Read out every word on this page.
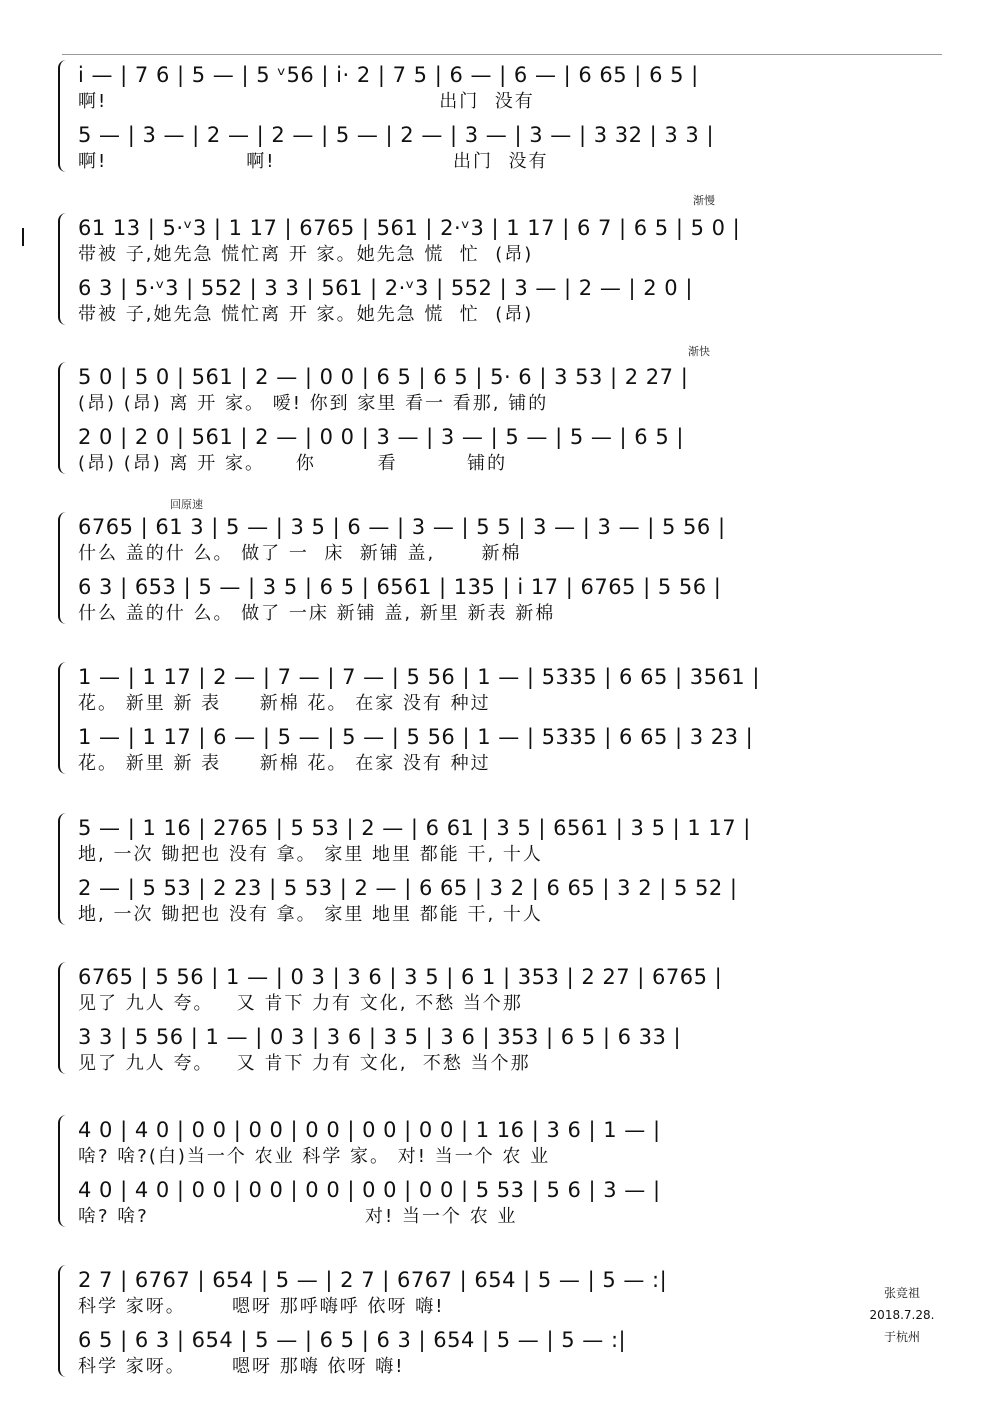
渐慢
渐快
回原速
i̇ — | 7 6 | 5 — | 5 ᵛ56 | i̇· 2 | 7 5 | 6 — | 6 — | 6 65 | 6 5 |
啊!                                           出门  没有
5 — | 3 — | 2 — | 2 — | 5 — | 2 — | 3 — | 3 — | 3 32 | 3 3 |
啊!                  啊!                       出门  没有
61 13 | 5·ᵛ3 | 1 17 | 6765 | 561 | 2·ᵛ3 | 1 17 | 6 7 | 6 5 | 5 0 |
带被 子,她先急 慌忙离 开 家。她先急 慌  忙  (昂)
6 3 | 5·ᵛ3 | 552 | 3 3 | 561 | 2·ᵛ3 | 552 | 3 — | 2 — | 2 0 |
带被 子,她先急 慌忙离 开 家。她先急 慌  忙  (昂)
5 0 | 5 0 | 561 | 2 — | 0 0 | 6 5 | 6 5 | 5· 6 | 3 53 | 2 27 |
(昂) (昂) 离 开 家。 嗳! 你到 家里 看一 看那, 铺的
2 0 | 2 0 | 561 | 2 — | 0 0 | 3 — | 3 — | 5 — | 5 — | 6 5 |
(昂) (昂) 离 开 家。    你        看         铺的
6765 | 61 3 | 5 — | 3 5 | 6 — | 3 — | 5 5 | 3 — | 3 — | 5 56 |
什么 盖的什 么。 做了 一  床  新铺 盖,      新棉
6 3 | 653 | 5 — | 3 5 | 6 5 | 6561 | 135 | i 17 | 6765 | 5 56 |
什么 盖的什 么。 做了 一床 新铺 盖, 新里 新表 新棉
1 — | 1 17 | 2 — | 7 — | 7 — | 5 56 | 1 — | 5335 | 6 65 | 3561 |
花。 新里 新 表     新棉 花。 在家 没有 种过
1 — | 1 17 | 6 — | 5 — | 5 — | 5 56 | 1 — | 5335 | 6 65 | 3 23 |
花。 新里 新 表     新棉 花。 在家 没有 种过
5 — | 1 16 | 2765 | 5 53 | 2 — | 6 61 | 3 5 | 6561 | 3 5 | 1 17 |
地, 一次 锄把也 没有 拿。 家里 地里 都能 干, 十人
2 — | 5 53 | 2 23 | 5 53 | 2 — | 6 65 | 3 2 | 6 65 | 3 2 | 5 52 |
地, 一次 锄把也 没有 拿。 家里 地里 都能 干, 十人
6765 | 5 56 | 1 — | 0 3 | 3 6 | 3 5 | 6 1 | 353 | 2 27 | 6765 |
见了 九人 夸。   又 肯下 力有 文化, 不愁 当个那
3 3 | 5 56 | 1 — | 0 3 | 3 6 | 3 5 | 3 6 | 353 | 6 5 | 6 33 |
见了 九人 夸。   又 肯下 力有 文化,  不愁 当个那
4 0 | 4 0 | 0 0 | 0 0 | 0 0 | 0 0 | 0 0 | 1 16 | 3 6 | 1 — |
啥? 啥?(白)当一个 农业 科学 家。 对! 当一个 农 业
4 0 | 4 0 | 0 0 | 0 0 | 0 0 | 0 0 | 0 0 | 5 53 | 5 6 | 3 — |
啥? 啥?                            对! 当一个 农 业
2 7 | 6767 | 654 | 5 — | 2 7 | 6767 | 654 | 5 — | 5 — :|
科学 家呀。      嗯呀 那呼嗨呼 依呀 嗨!
6 5 | 6 3 | 654 | 5 — | 6 5 | 6 3 | 654 | 5 — | 5 — :|
科学 家呀。      嗯呀 那嗨 依呀 嗨!
张竞祖
2018.7.28.
于杭州
